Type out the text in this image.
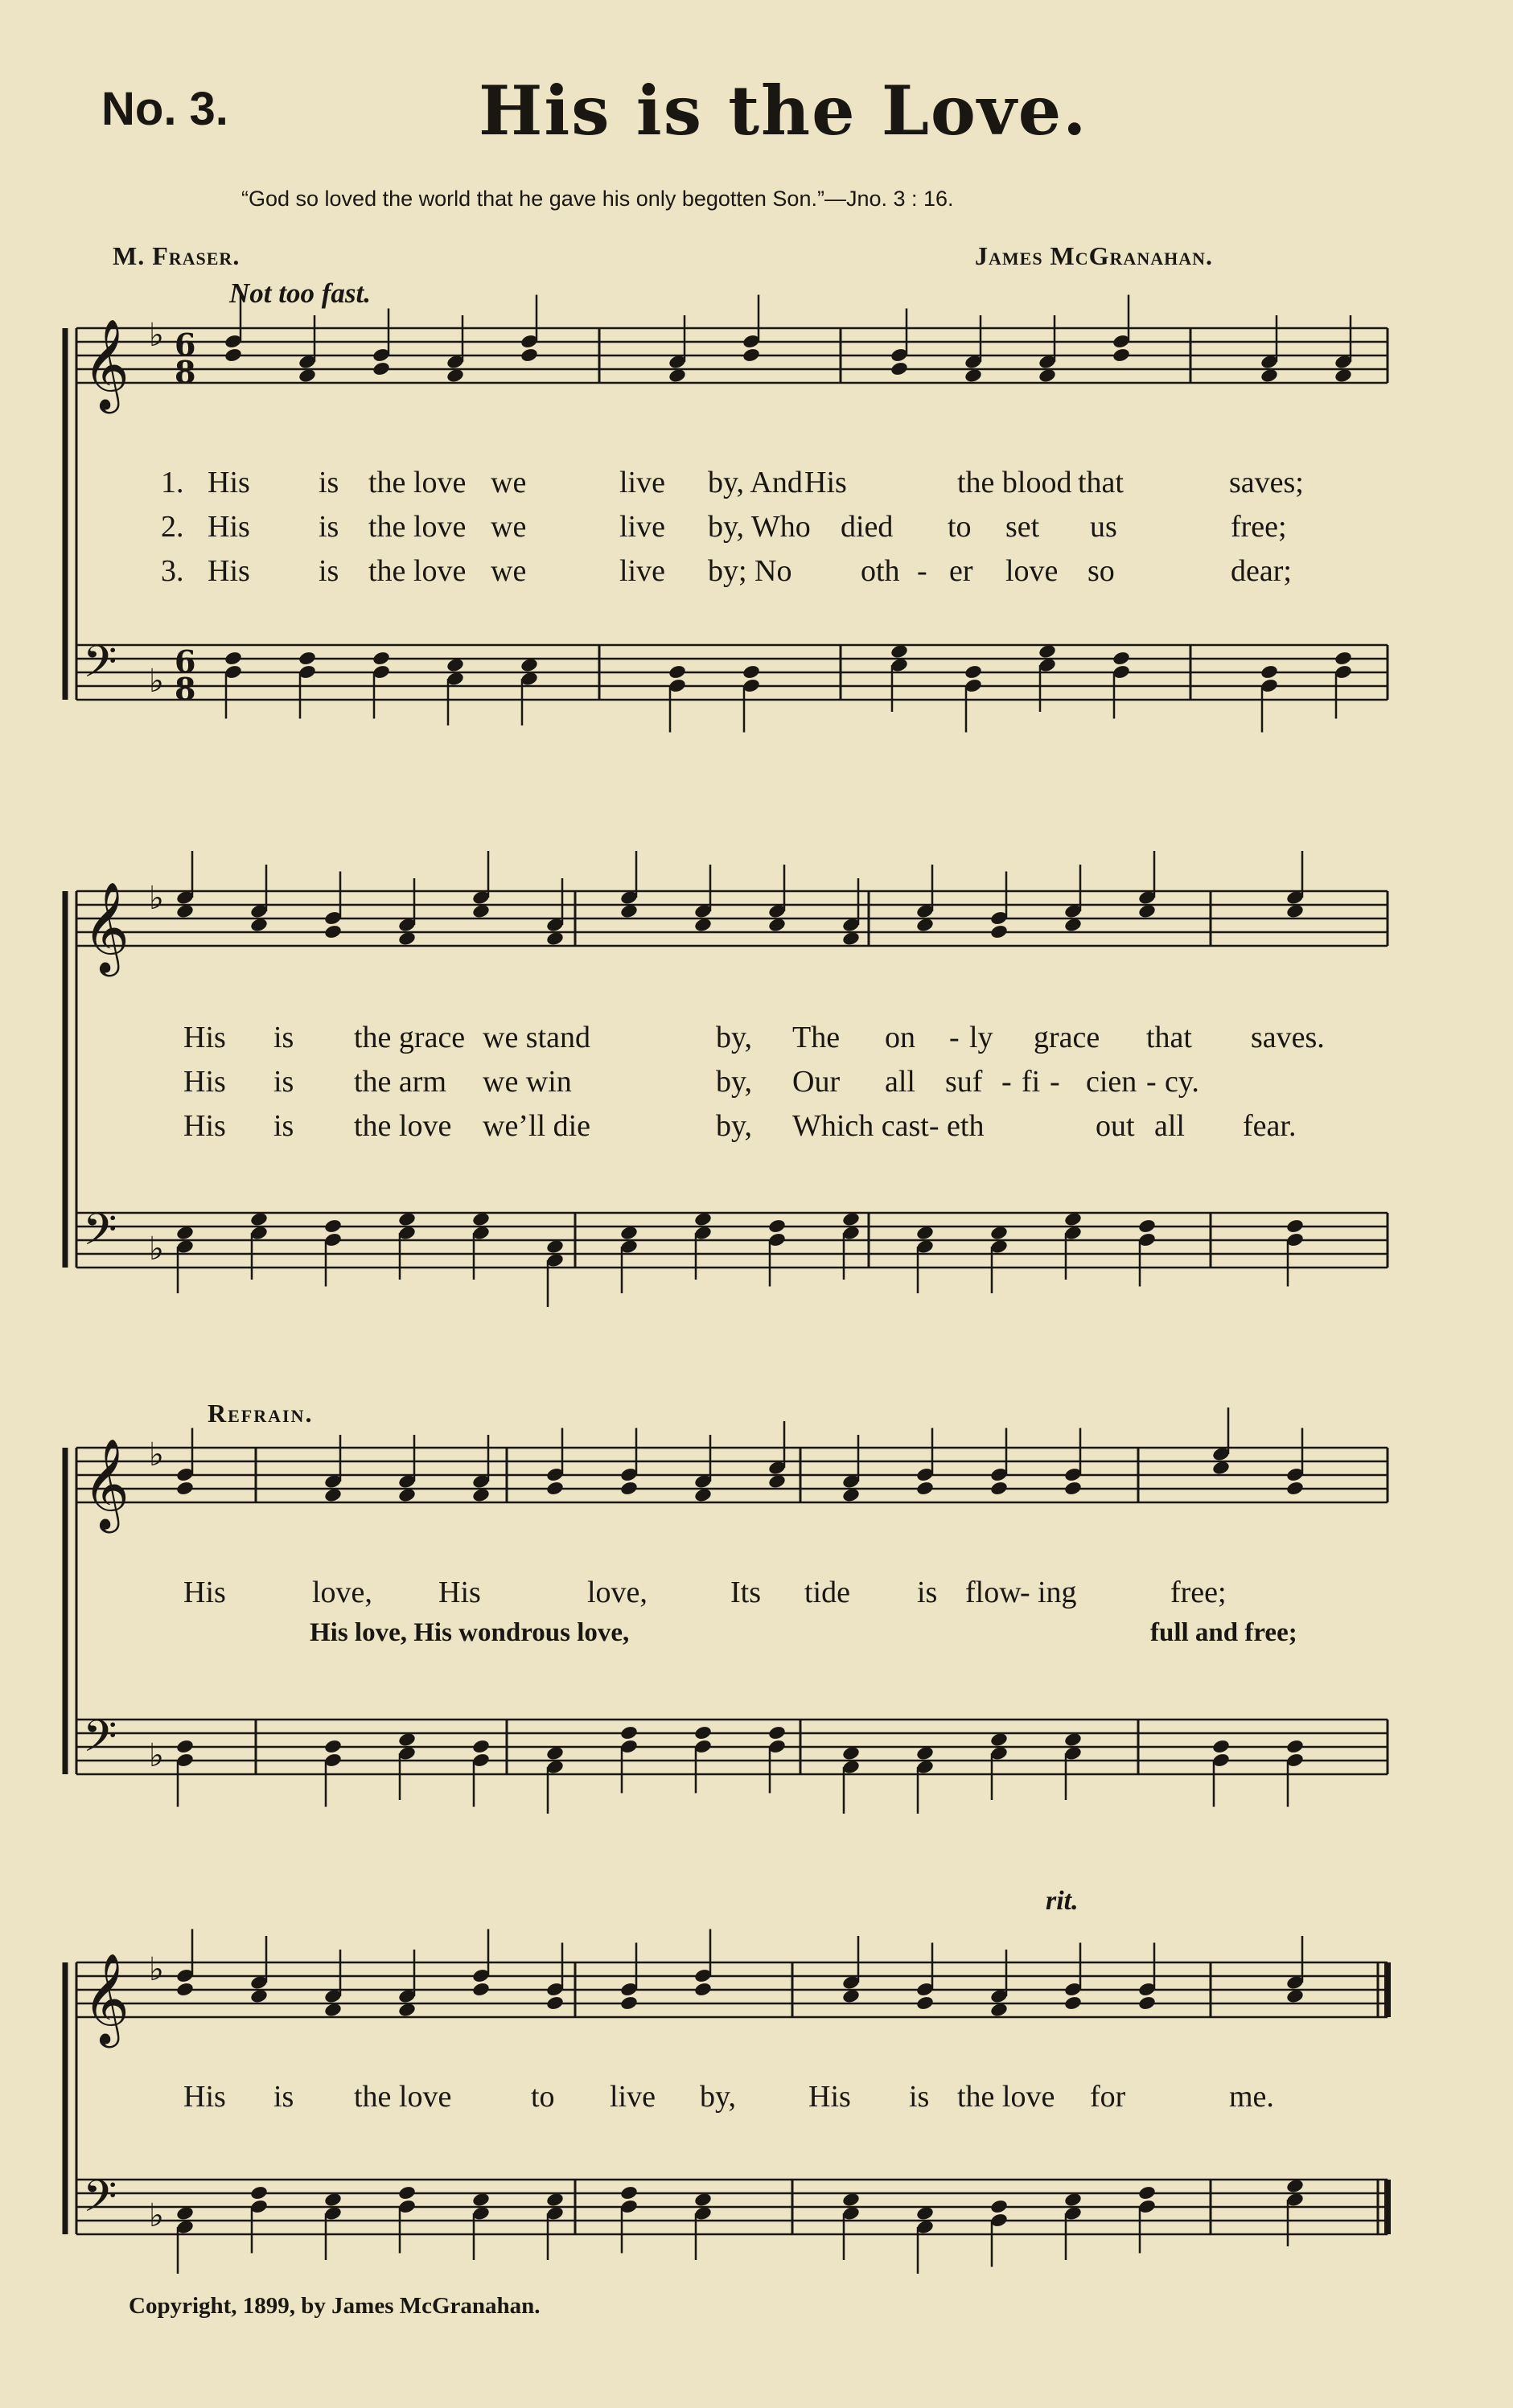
No. 3.	His is the Love.
“God so loved the world that he gave his only begotten Son.”—Jno. 3 : 16.
M. Fraser.	James McGranahan.
Not too fast.
Refrain.
rit.
Copyright, 1899, by James McGranahan.
𝄞 ♭ 6
8
𝄢 ♭
6
8
𝄞 ♭
𝄢 ♭
𝄞 ♭
𝄢 ♭
𝄞 ♭
𝄢 ♭
1. His is the love we	live by, And His	the blood that	saves;
2. His is the love we	live by, Who died to set us	free;
3. His is the love we	live by; No oth - er love so	dear;
His is the grace we stand	by, The on - ly grace that saves.
His is the arm we win	by, Our all suf - fi - cien - cy.
His is the love we’ll die	by, Which cast- eth	out all fear.
His	love, His	love,	Its tide is flow
- ing	free;
His love, His wondrous love,	full and free;
His is the love	to live by, His is the love for	me.
